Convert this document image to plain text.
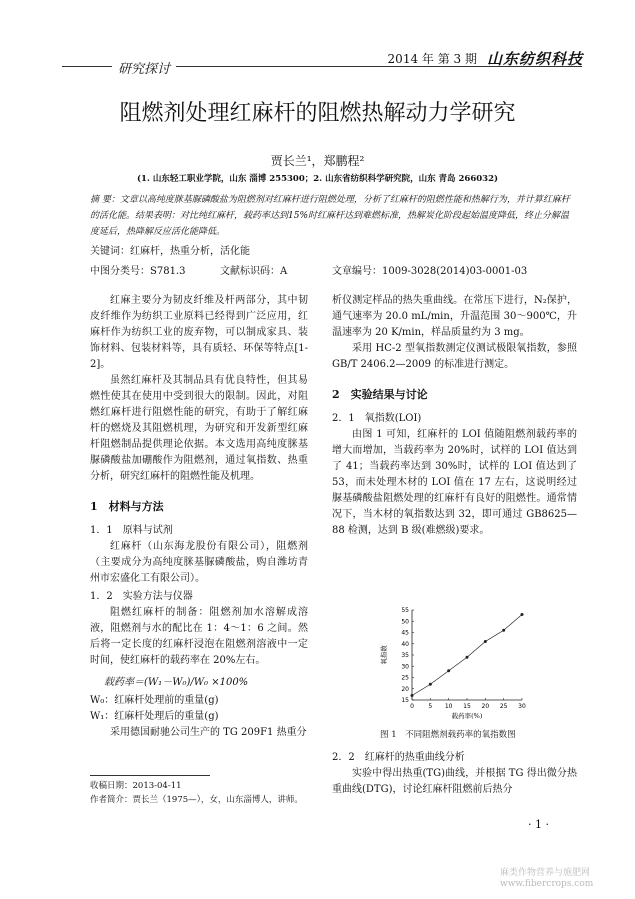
2014 年 第 3 期 山东纺织科技
研究探讨
阻燃剂处理红麻杆的阻燃热解动力学研究
贾长兰¹，郑鹏程²
(1. 山东轻工职业学院，山东 淄博 255300；2. 山东省纺织科学研究院，山东 青岛 266032)
摘 要：文章以高纯度脒基脲磷酸盐为阻燃剂对红麻杆进行阻燃处理，分析了红麻杆的阻燃性能和热解行为，并计算红麻杆的活化能。结果表明：对比纯红麻杆，载药率达到15%时红麻杆达到难燃标准，热解炭化阶段起始温度降低，终止分解温度延后，热降解反应活化能降低。
关键词：红麻杆，热重分析，活化能
中图分类号：S781.3	文献标识码：A	文章编号：1009-3028(2014)03-0001-03

红麻主要分为韧皮纤维及杆两部分，其中韧皮纤维作为纺织工业原料已经得到广泛应用，红麻杆作为纺织工业的废弃物，可以制成家具、装饰材料、包装材料等，具有质轻、环保等特点[1-2]。

虽然红麻杆及其制品具有优良特性，但其易燃性使其在使用中受到很大的限制。因此，对阻燃红麻杆进行阻燃性能的研究，有助于了解红麻杆的燃烧及其阻燃机理，为研究和开发新型红麻杆阻燃制品提供理论依据。本文选用高纯度脒基脲磷酸盐加硼酸作为阻燃剂，通过氧指数、热重分析，研究红麻杆的阻燃性能及机理。

1　材料与方法
1．1　原料与试剂

红麻杆（山东海龙股份有限公司），阻燃剂（主要成分为高纯度脒基脲磷酸盐，购自潍坊青州市宏盛化工有限公司）。

1．2　实验方法与仪器

阻燃红麻杆的制备：阻燃剂加水溶解成溶液，阻燃剂与水的配比在 1：4～1：6 之间。然后将一定长度的红麻杆浸泡在阻燃剂溶液中一定时间，使红麻杆的载药率在 20%左右。

载药率＝(W₁－W₀)/W₀ ×100%
W₀：红麻杆处理前的重量(g)
W₁：红麻杆处理后的重量(g)

采用德国耐驰公司生产的 TG 209F1 热重分

析仪测定样品的热失重曲线。在常压下进行，N₂保护，通气速率为 20.0 mL/min，升温范围 30～900℃，升温速率为 20 K/min，样品质量约为 3 mg。

采用 HC-2 型氧指数测定仪测试极限氧指数，参照 GB/T 2406.2—2009 的标准进行测定。

2　实验结果与讨论
2．1　氧指数(LOI)

由图 1 可知，红麻杆的 LOI 值随阻燃剂载药率的增大而增加，当载药率为 20%时，试样的 LOI 值达到了 41；当载药率达到 30%时，试样的 LOI 值达到了 53，而未处理木材的 LOI 值在 17 左右，这说明经过脲基磷酸盐阻燃处理的红麻杆有良好的阻燃性。通常情况下，当木材的氧指数达到 32，即可通过 GB8625—88 检测，达到 B 级(难燃级)要求。

0 5 10 15 20 25 30
15
20
25
30
35
40
45
50
55
载药率(%)
氧指数
图 1　不同阻燃剂载药率的氧指数图
2．2　红麻杆的热重曲线分析

实验中得出热重(TG)曲线，并根据 TG 得出微分热重曲线(DTG)，讨论红麻杆阻燃前后热分

收稿日期：2013-04-11
作者简介：贾长兰（1975—），女，山东淄博人，讲师。
· 1 ·
麻类作物营养与施肥网
www.fibercrops.com
